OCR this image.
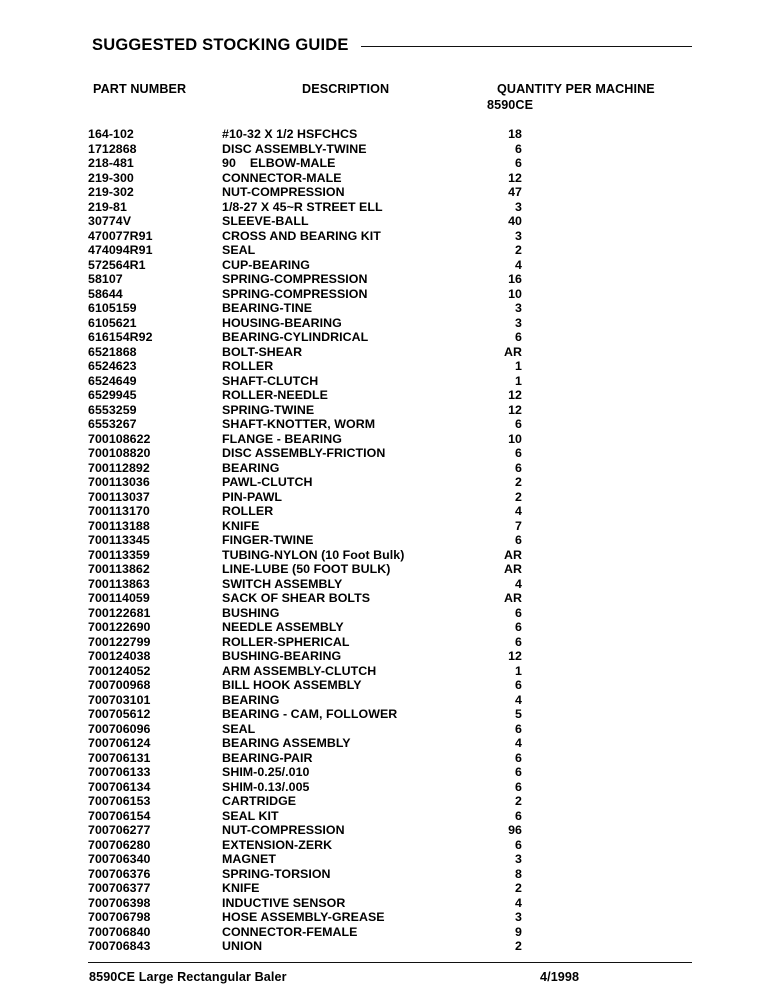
SUGGESTED STOCKING GUIDE
PART NUMBER	DESCRIPTION	QUANTITY PER MACHINE
8590CE
164-102	#10-32 X 1/2 HSFCHCS	18
1712868	DISC ASSEMBLY-TWINE	6
218-481	90    ELBOW-MALE	6
219-300	CONNECTOR-MALE	12
219-302	NUT-COMPRESSION	47
219-81	1/8-27 X 45~R STREET ELL	3
30774V	SLEEVE-BALL	40
470077R91	CROSS AND BEARING KIT	3
474094R91	SEAL	2
572564R1	CUP-BEARING	4
58107	SPRING-COMPRESSION	16
58644	SPRING-COMPRESSION	10
6105159	BEARING-TINE	3
6105621	HOUSING-BEARING	3
616154R92	BEARING-CYLINDRICAL	6
6521868	BOLT-SHEAR	AR
6524623	ROLLER	1
6524649	SHAFT-CLUTCH	1
6529945	ROLLER-NEEDLE	12
6553259	SPRING-TWINE	12
6553267	SHAFT-KNOTTER, WORM	6
700108622	FLANGE - BEARING	10
700108820	DISC ASSEMBLY-FRICTION	6
700112892	BEARING	6
700113036	PAWL-CLUTCH	2
700113037	PIN-PAWL	2
700113170	ROLLER	4
700113188	KNIFE	7
700113345	FINGER-TWINE	6
700113359	TUBING-NYLON (10 Foot Bulk)	AR
700113862	LINE-LUBE (50 FOOT BULK)	AR
700113863	SWITCH ASSEMBLY	4
700114059	SACK OF SHEAR BOLTS	AR
700122681	BUSHING	6
700122690	NEEDLE ASSEMBLY	6
700122799	ROLLER-SPHERICAL	6
700124038	BUSHING-BEARING	12
700124052	ARM ASSEMBLY-CLUTCH	1
700700968	BILL HOOK ASSEMBLY	6
700703101	BEARING	4
700705612	BEARING - CAM, FOLLOWER	5
700706096	SEAL	6
700706124	BEARING ASSEMBLY	4
700706131	BEARING-PAIR	6
700706133	SHIM-0.25/.010	6
700706134	SHIM-0.13/.005	6
700706153	CARTRIDGE	2
700706154	SEAL KIT	6
700706277	NUT-COMPRESSION	96
700706280	EXTENSION-ZERK	6
700706340	MAGNET	3
700706376	SPRING-TORSION	8
700706377	KNIFE	2
700706398	INDUCTIVE SENSOR	4
700706798	HOSE ASSEMBLY-GREASE	3
700706840	CONNECTOR-FEMALE	9
700706843	UNION	2
8590CE Large Rectangular Baler	4/1998
